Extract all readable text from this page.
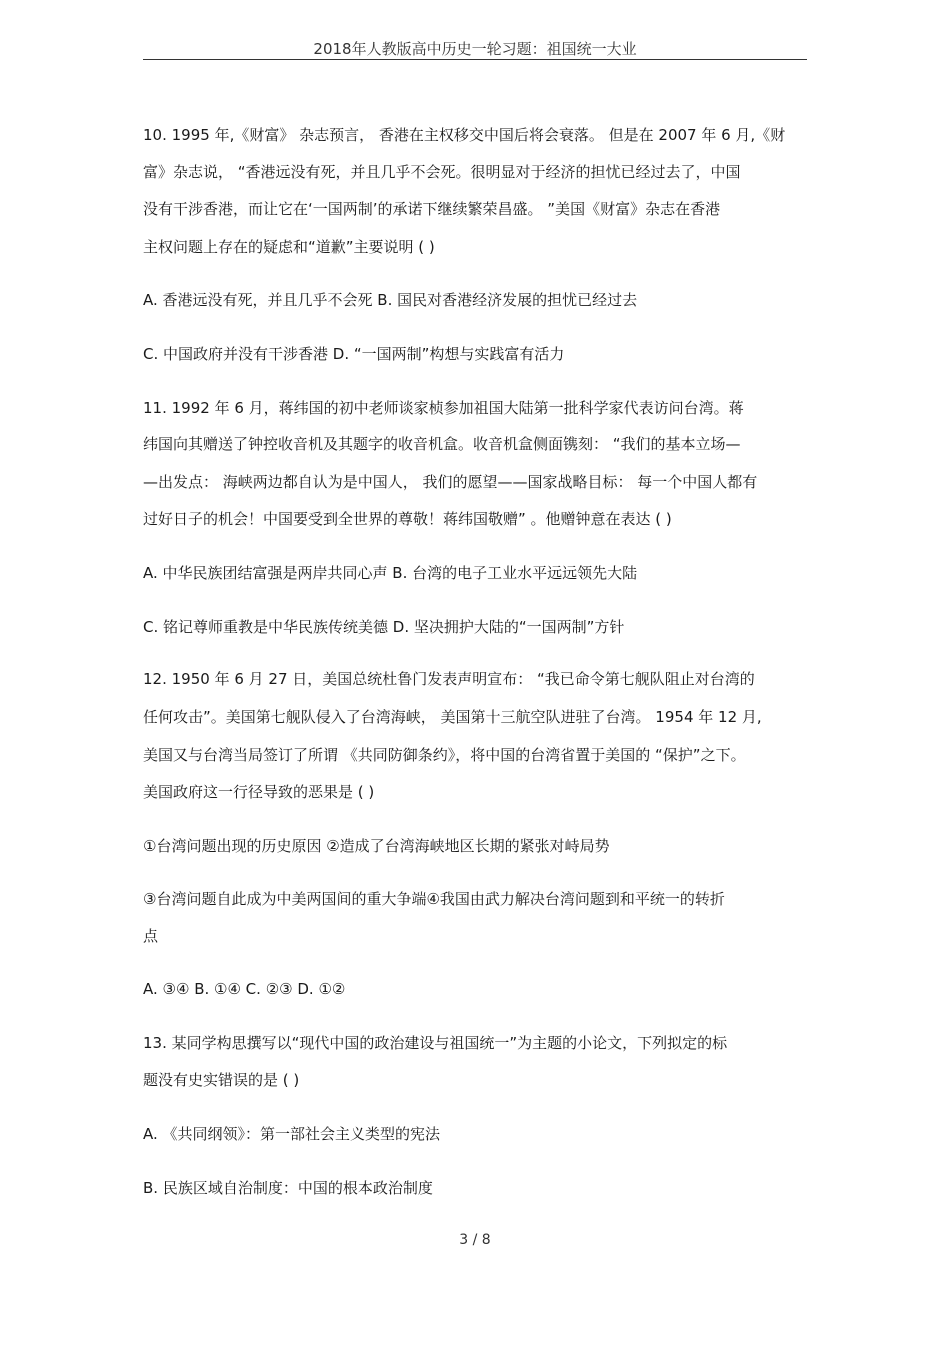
2018年人教版高中历史一轮习题：祖国统一大业
10. 1995 年,《财富》 杂志预言， 香港在主权移交中国后将会衰落。 但是在 2007 年 6 月,《财
富》杂志说， “香港远没有死，并且几乎不会死。很明显对于经济的担忧已经过去了，中国
没有干涉香港，而让它在‘一国两制’的承诺下继续繁荣昌盛。 ”美国《财富》杂志在香港
主权问题上存在的疑虑和“道歉”主要说明 ( )
A. 香港远没有死，并且几乎不会死 B. 国民对香港经济发展的担忧已经过去
C. 中国政府并没有干涉香港 D. “一国两制”构想与实践富有活力
11. 1992 年 6 月，蒋纬国的初中老师谈家桢参加祖国大陆第一批科学家代表访问台湾。蒋
纬国向其赠送了钟控收音机及其题字的收音机盒。收音机盒侧面镌刻： “我们的基本立场—
—出发点： 海峡两边都自认为是中国人， 我们的愿望——国家战略目标： 每一个中国人都有
过好日子的机会！中国要受到全世界的尊敬！蒋纬国敬赠” 。他赠钟意在表达 ( )
A. 中华民族团结富强是两岸共同心声 B. 台湾的电子工业水平远远领先大陆
C. 铭记尊师重教是中华民族传统美德 D. 坚决拥护大陆的“一国两制”方针
12. 1950 年 6 月 27 日，美国总统杜鲁门发表声明宣布： “我已命令第七舰队阻止对台湾的
任何攻击”。美国第七舰队侵入了台湾海峡， 美国第十三航空队进驻了台湾。 1954 年 12 月,
美国又与台湾当局签订了所谓 《共同防御条约》，将中国的台湾省置于美国的 “保护”之下。
美国政府这一行径导致的恶果是 ( )
①台湾问题出现的历史原因 ②造成了台湾海峡地区长期的紧张对峙局势
③台湾问题自此成为中美两国间的重大争端④我国由武力解决台湾问题到和平统一的转折
点
A. ③④ B. ①④ C. ②③ D. ①②
13. 某同学构思撰写以“现代中国的政治建设与祖国统一”为主题的小论文，下列拟定的标
题没有史实错误的是 ( )
A. 《共同纲领》：第一部社会主义类型的宪法
B. 民族区域自治制度：中国的根本政治制度
3 / 8
